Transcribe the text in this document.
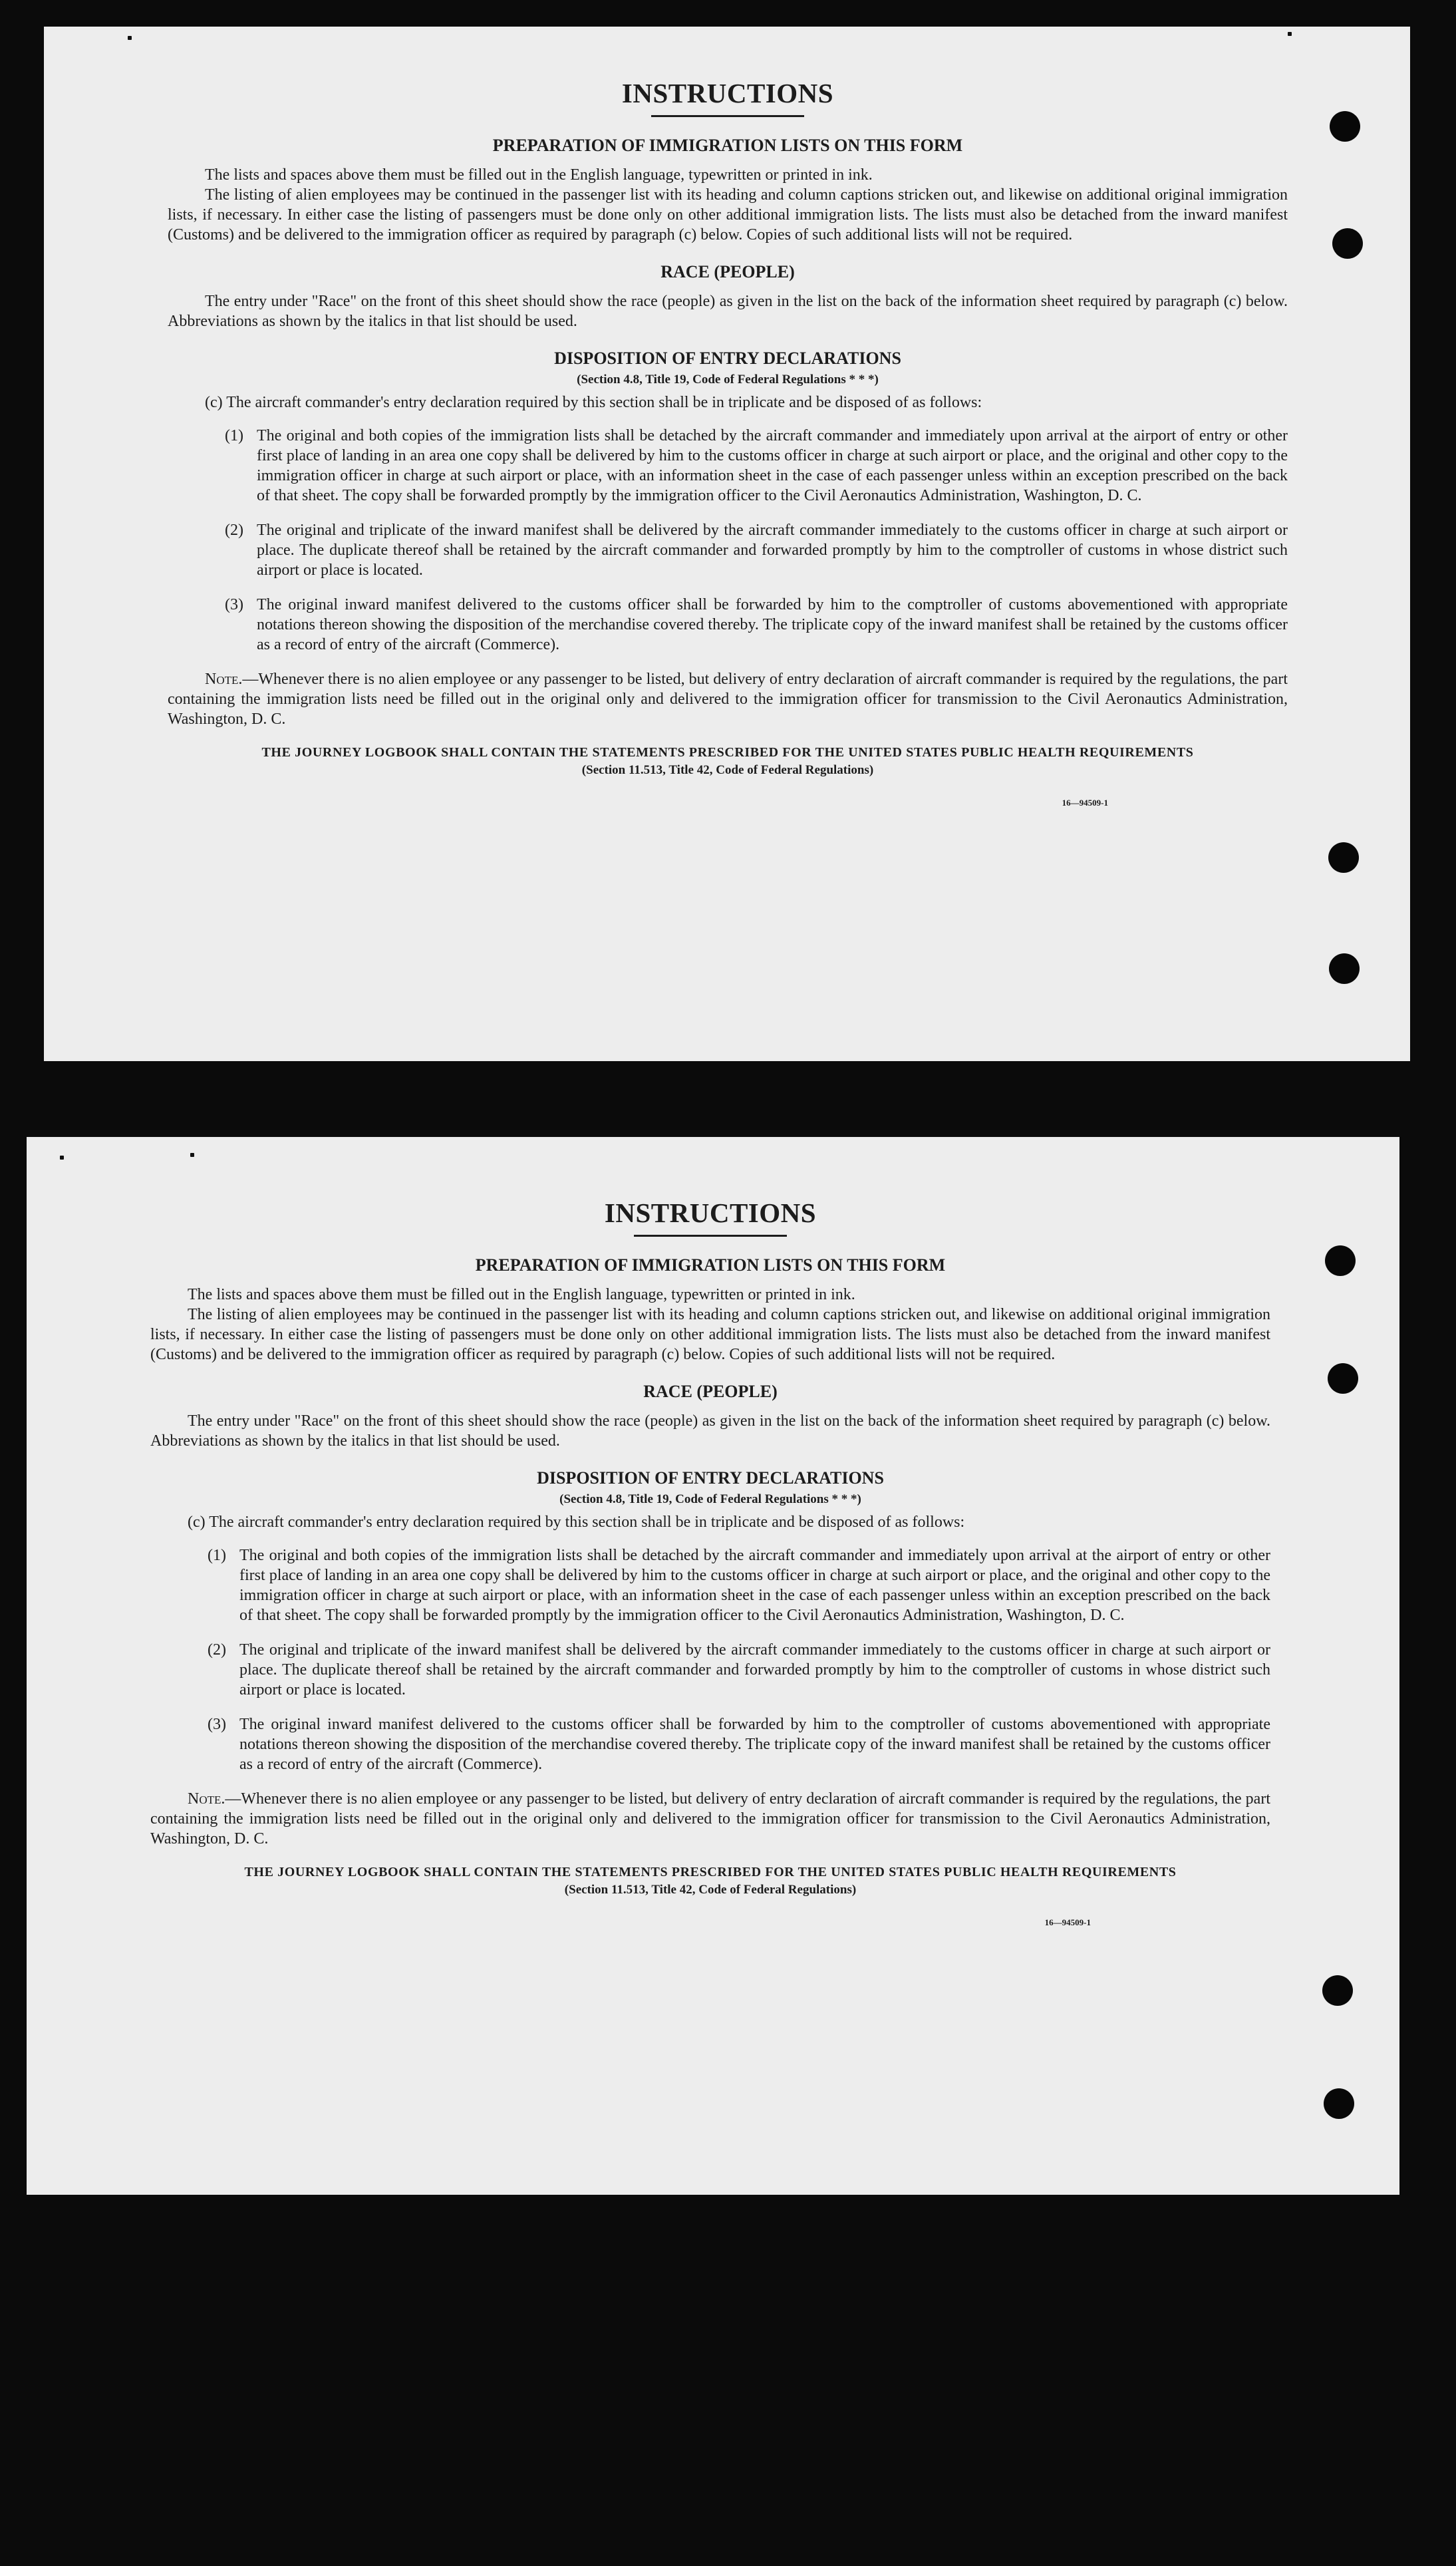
INSTRUCTIONS
PREPARATION OF IMMIGRATION LISTS ON THIS FORM

The lists and spaces above them must be filled out in the English language, typewritten or printed in ink.

The listing of alien employees may be continued in the passenger list with its heading and column captions stricken out, and likewise on additional original immigration lists, if necessary. In either case the listing of passengers must be done only on other additional immigration lists. The lists must also be detached from the inward manifest (Customs) and be delivered to the immigration officer as required by paragraph (c) below. Copies of such additional lists will not be required.

RACE (PEOPLE)

The entry under "Race" on the front of this sheet should show the race (people) as given in the list on the back of the information sheet required by paragraph (c) below. Abbreviations as shown by the italics in that list should be used.

DISPOSITION OF ENTRY DECLARATIONS
(Section 4.8, Title 19, Code of Federal Regulations * * *)

(c) The aircraft commander's entry declaration required by this section shall be in triplicate and be disposed of as follows:

(1) The original and both copies of the immigration lists shall be detached by the aircraft commander and immediately upon arrival at the airport of entry or other first place of landing in an area one copy shall be delivered by him to the customs officer in charge at such airport or place, and the original and other copy to the immigration officer in charge at such airport or place, with an information sheet in the case of each passenger unless within an exception prescribed on the back of that sheet. The copy shall be forwarded promptly by the immigration officer to the Civil Aeronautics Administration, Washington, D. C.
(2) The original and triplicate of the inward manifest shall be delivered by the aircraft commander immediately to the customs officer in charge at such airport or place. The duplicate thereof shall be retained by the aircraft commander and forwarded promptly by him to the comptroller of customs in whose district such airport or place is located.
(3) The original inward manifest delivered to the customs officer shall be forwarded by him to the comptroller of customs abovementioned with appropriate notations thereon showing the disposition of the merchandise covered thereby. The triplicate copy of the inward manifest shall be retained by the customs officer as a record of entry of the aircraft (Commerce).

Note.—Whenever there is no alien employee or any passenger to be listed, but delivery of entry declaration of aircraft commander is required by the regulations, the part containing the immigration lists need be filled out in the original only and delivered to the immigration officer for transmission to the Civil Aeronautics Administration, Washington, D. C.

THE JOURNEY LOGBOOK SHALL CONTAIN THE STATEMENTS PRESCRIBED FOR THE UNITED STATES PUBLIC HEALTH REQUIREMENTS
(Section 11.513, Title 42, Code of Federal Regulations)
16—94509-1
INSTRUCTIONS
PREPARATION OF IMMIGRATION LISTS ON THIS FORM

The lists and spaces above them must be filled out in the English language, typewritten or printed in ink.

The listing of alien employees may be continued in the passenger list with its heading and column captions stricken out, and likewise on additional original immigration lists, if necessary. In either case the listing of passengers must be done only on other additional immigration lists. The lists must also be detached from the inward manifest (Customs) and be delivered to the immigration officer as required by paragraph (c) below. Copies of such additional lists will not be required.

RACE (PEOPLE)

The entry under "Race" on the front of this sheet should show the race (people) as given in the list on the back of the information sheet required by paragraph (c) below. Abbreviations as shown by the italics in that list should be used.

DISPOSITION OF ENTRY DECLARATIONS
(Section 4.8, Title 19, Code of Federal Regulations * * *)

(c) The aircraft commander's entry declaration required by this section shall be in triplicate and be disposed of as follows:

(1) The original and both copies of the immigration lists shall be detached by the aircraft commander and immediately upon arrival at the airport of entry or other first place of landing in an area one copy shall be delivered by him to the customs officer in charge at such airport or place, and the original and other copy to the immigration officer in charge at such airport or place, with an information sheet in the case of each passenger unless within an exception prescribed on the back of that sheet. The copy shall be forwarded promptly by the immigration officer to the Civil Aeronautics Administration, Washington, D. C.
(2) The original and triplicate of the inward manifest shall be delivered by the aircraft commander immediately to the customs officer in charge at such airport or place. The duplicate thereof shall be retained by the aircraft commander and forwarded promptly by him to the comptroller of customs in whose district such airport or place is located.
(3) The original inward manifest delivered to the customs officer shall be forwarded by him to the comptroller of customs abovementioned with appropriate notations thereon showing the disposition of the merchandise covered thereby. The triplicate copy of the inward manifest shall be retained by the customs officer as a record of entry of the aircraft (Commerce).

Note.—Whenever there is no alien employee or any passenger to be listed, but delivery of entry declaration of aircraft commander is required by the regulations, the part containing the immigration lists need be filled out in the original only and delivered to the immigration officer for transmission to the Civil Aeronautics Administration, Washington, D. C.

THE JOURNEY LOGBOOK SHALL CONTAIN THE STATEMENTS PRESCRIBED FOR THE UNITED STATES PUBLIC HEALTH REQUIREMENTS
(Section 11.513, Title 42, Code of Federal Regulations)
16—94509-1
